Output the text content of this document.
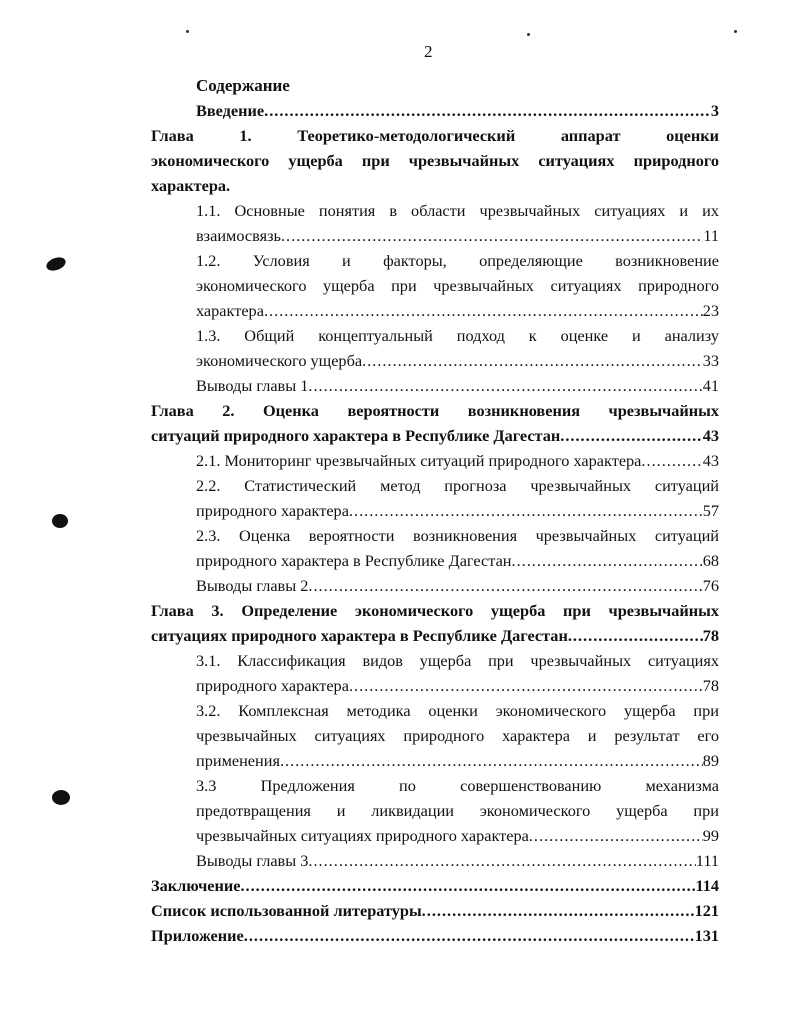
2
Содержание
Введение .....	3
Глава 1. Теоретико-методологический аппарат оценки
экономического ущерба при чрезвычайных ситуациях природного
характера.
1.1. Основные понятия в области чрезвычайных ситуациях и их
взаимосвязь .....	11
1.2. Условия и факторы, определяющие возникновение
экономического ущерба при чрезвычайных ситуациях природного
характера .....	23
1.3. Общий концептуальный подход к оценке и анализу
экономического ущерба .....	33
Выводы главы 1 .....	41
Глава 2. Оценка вероятности возникновения чрезвычайных
ситуаций природного характера в Республике Дагестан .....	43
2.1. Мониторинг чрезвычайных ситуаций природного характера .....	43
2.2. Статистический метод прогноза чрезвычайных ситуаций
природного характера .....	57
2.3. Оценка вероятности возникновения чрезвычайных ситуаций
природного характера в Республике Дагестан .....	68
Выводы главы 2 .....	76
Глава 3. Определение экономического ущерба при чрезвычайных
ситуациях природного характера в Республике Дагестан .....	78
3.1. Классификация видов ущерба при чрезвычайных ситуациях
природного характера .....	78
3.2. Комплексная методика оценки экономического ущерба при
чрезвычайных ситуациях природного характера и результат его
применения .....	89
3.3 Предложения по совершенствованию механизма
предотвращения и ликвидации экономического ущерба при
чрезвычайных ситуациях природного характера .....	99
Выводы главы 3 .....	111
Заключение .....	114
Список использованной литературы .....	121
Приложение .....	131
